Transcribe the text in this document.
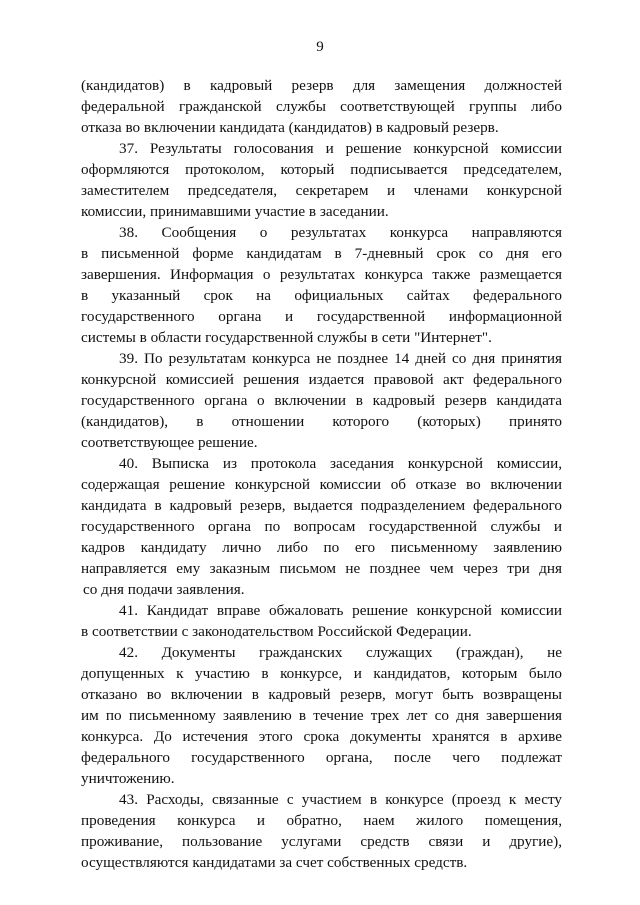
9
(кандидатов) в кадровый резерв для замещения должностей
федеральной гражданской службы соответствующей группы либо
отказа во включении кандидата (кандидатов) в кадровый резерв.
37. Результаты голосования и решение конкурсной комиссии
оформляются протоколом, который подписывается председателем,
заместителем председателя, секретарем и членами конкурсной
комиссии, принимавшими участие в заседании.
38. Сообщения о результатах конкурса направляются
в письменной форме кандидатам в 7-дневный срок со дня его
завершения. Информация о результатах конкурса также размещается
в указанный срок на официальных сайтах федерального
государственного органа и государственной информационной
системы в области государственной службы в сети "Интернет".
39. По результатам конкурса не позднее 14 дней со дня принятия
конкурсной комиссией решения издается правовой акт федерального
государственного органа о включении в кадровый резерв кандидата
(кандидатов), в отношении которого (которых) принято
соответствующее решение.
40. Выписка из протокола заседания конкурсной комиссии,
содержащая решение конкурсной комиссии об отказе во включении
кандидата в кадровый резерв, выдается подразделением федерального
государственного органа по вопросам государственной службы и
кадров кандидату лично либо по его письменному заявлению
направляется ему заказным письмом не позднее чем через три дня
со дня подачи заявления.
41. Кандидат вправе обжаловать решение конкурсной комиссии
в соответствии с законодательством Российской Федерации.
42. Документы гражданских служащих (граждан), не
допущенных к участию в конкурсе, и кандидатов, которым было
отказано во включении в кадровый резерв, могут быть возвращены
им по письменному заявлению в течение трех лет со дня завершения
конкурса. До истечения этого срока документы хранятся в архиве
федерального государственного органа, после чего подлежат
уничтожению.
43. Расходы, связанные с участием в конкурсе (проезд к месту
проведения конкурса и обратно, наем жилого помещения,
проживание, пользование услугами средств связи и другие),
осуществляются кандидатами за счет собственных средств.
